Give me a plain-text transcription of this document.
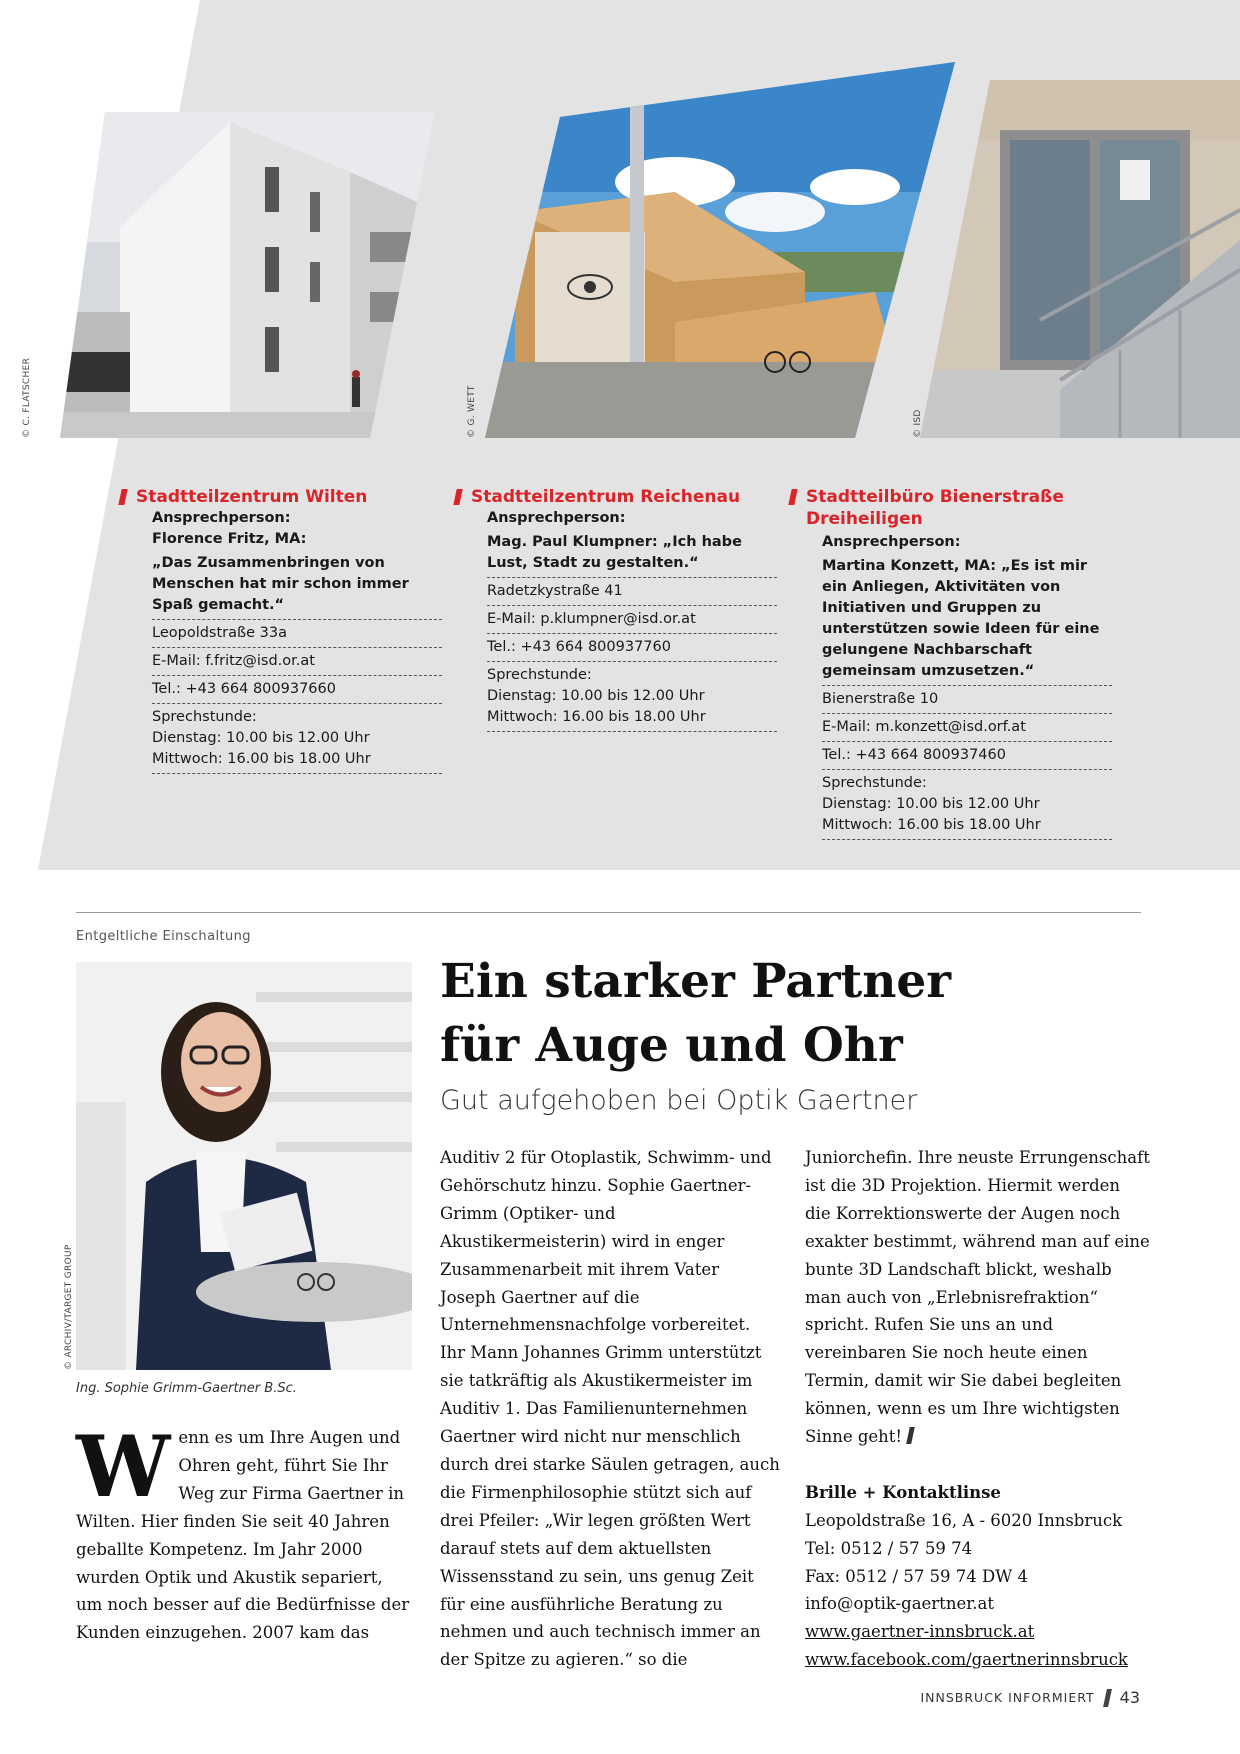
© C. FLATSCHER	© G. WETT	© ISD
Stadtteilzentrum Wilten
Ansprechperson:
Florence Fritz, MA:
„Das Zusammenbringen von Menschen hat mir schon immer Spaß gemacht.“
Leopoldstraße 33a
E-Mail: f.fritz@isd.or.at
Tel.: +43 664 800937660
Sprechstunde:
Dienstag: 10.00 bis 12.00 Uhr
Mittwoch: 16.00 bis 18.00 Uhr
Stadtteilzentrum Reichenau
Ansprechperson:
Mag. Paul Klumpner: „Ich habe Lust, Stadt zu gestalten.“
Radetzkystraße 41
E-Mail: p.klumpner@isd.or.at
Tel.: +43 664 800937760
Sprechstunde:
Dienstag: 10.00 bis 12.00 Uhr
Mittwoch: 16.00 bis 18.00 Uhr
Stadtteilbüro Bienerstraße Dreiheiligen
Ansprechperson:
Martina Konzett, MA: „Es ist mir ein Anliegen, Aktivitäten von Initiativen und Gruppen zu unterstützen sowie Ideen für eine gelungene Nachbarschaft gemeinsam umzusetzen.“
Bienerstraße 10
E-Mail: m.konzett@isd.orf.at
Tel.: +43 664 800937460
Sprechstunde:
Dienstag: 10.00 bis 12.00 Uhr
Mittwoch: 16.00 bis 18.00 Uhr
Entgeltliche Einschaltung
© ARCHIV/TARGET GROUP
Ing. Sophie Grimm-Gaertner B.Sc.
Ein starker Partner
für Auge und Ohr
Gut aufgehoben bei Optik Gaertner
W enn es um Ihre Augen und Ohren geht, führt Sie Ihr Weg zur Firma Gaertner in Wilten. Hier finden Sie seit 40 Jahren geballte Kompetenz. Im Jahr 2000 wurden Optik und Akustik separiert, um noch besser auf die Bedürfnisse der Kunden einzugehen. 2007 kam das
Auditiv 2 für Otoplastik, Schwimm- und Gehörschutz hinzu. Sophie Gaertner-Grimm (Optiker- und Akustikermeisterin) wird in enger Zusammenarbeit mit ihrem Vater Joseph Gaertner auf die Unternehmensnachfolge vorbereitet. Ihr Mann Johannes Grimm unterstützt sie tatkräftig als Akustikermeister im Auditiv 1. Das Familienunternehmen Gaertner wird nicht nur menschlich durch drei starke Säulen getragen, auch die Firmenphilosophie stützt sich auf drei Pfeiler: „Wir legen größten Wert darauf stets auf dem aktuellsten Wissensstand zu sein, uns genug Zeit für eine ausführliche Beratung zu nehmen und auch technisch immer an der Spitze zu agieren.“ so die
Juniorchefin. Ihre neuste Errungenschaft ist die 3D Projektion. Hiermit werden die Korrektionswerte der Augen noch exakter bestimmt, während man auf eine bunte 3D Landschaft blickt, weshalb man auch von „Erlebnisrefraktion“ spricht. Rufen Sie uns an und vereinbaren Sie noch heute einen Termin, damit wir Sie dabei begleiten können, wenn es um Ihre wichtigsten Sinne geht!
Brille + Kontaktlinse
Leopoldstraße 16, A - 6020 Innsbruck
Tel: 0512 / 57 59 74
Fax: 0512 / 57 59 74 DW 4
info@optik-gaertner.at
www.gaertner-innsbruck.at
www.facebook.com/gaertnerinnsbruck
INNSBRUCK INFORMIERT 43
